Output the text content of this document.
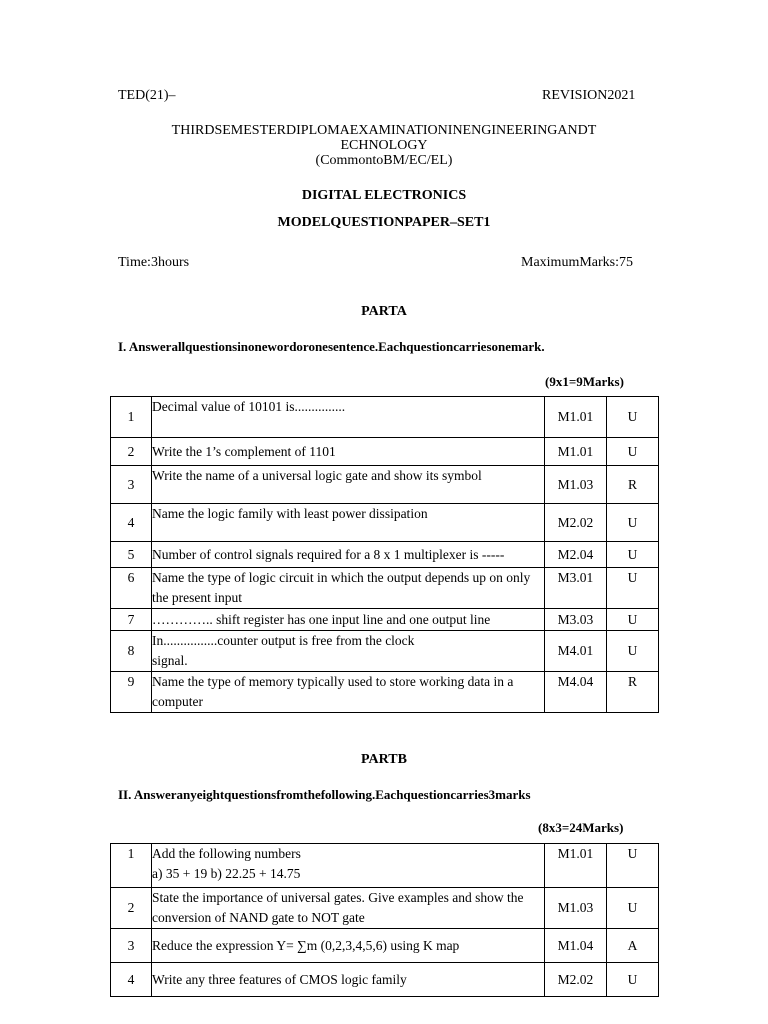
TED(21)–	REVISION2021
THIRDSEMESTERDIPLOMAEXAMINATIONINENGINEERINGANDT
ECHNOLOGY
(CommontoBM/EC/EL)
DIGITAL ELECTRONICS
MODELQUESTIONPAPER–SET1
Time:3hours	MaximumMarks:75
PARTA
I. Answerallquestionsinonewordoronesentence.Eachquestioncarriesonemark.
(9x1=9Marks)
1	Decimal value of 10101 is...............	M1.01	U
2	Write the 1’s complement of 1101	M1.01	U
3	Write the name of a universal logic gate and show its symbol	M1.03	R
4	Name the logic family with least power dissipation	M2.02	U
5	Number of control signals required for a 8 x 1 multiplexer is -----	M2.04	U
6	Name the type of logic circuit in which the output depends up on only
the present input	M3.01	U
7	………….. shift register has one input line and one output line	M3.03	U
8	In................counter output is free from the clock
signal.	M4.01	U
9	Name the type of memory typically used to store working data in a
computer	M4.04	R
PARTB
II. Answeranyeightquestionsfromthefollowing.Eachquestioncarries3marks
(8x3=24Marks)
1	Add the following numbers
a) 35 + 19 b) 22.25 + 14.75	M1.01	U
2	State the importance of universal gates. Give examples and show the
conversion of NAND gate to NOT gate	M1.03	U
3	Reduce the expression Y= ∑m (0,2,3,4,5,6) using K map	M1.04	A
4	Write any three features of CMOS logic family	M2.02	U
